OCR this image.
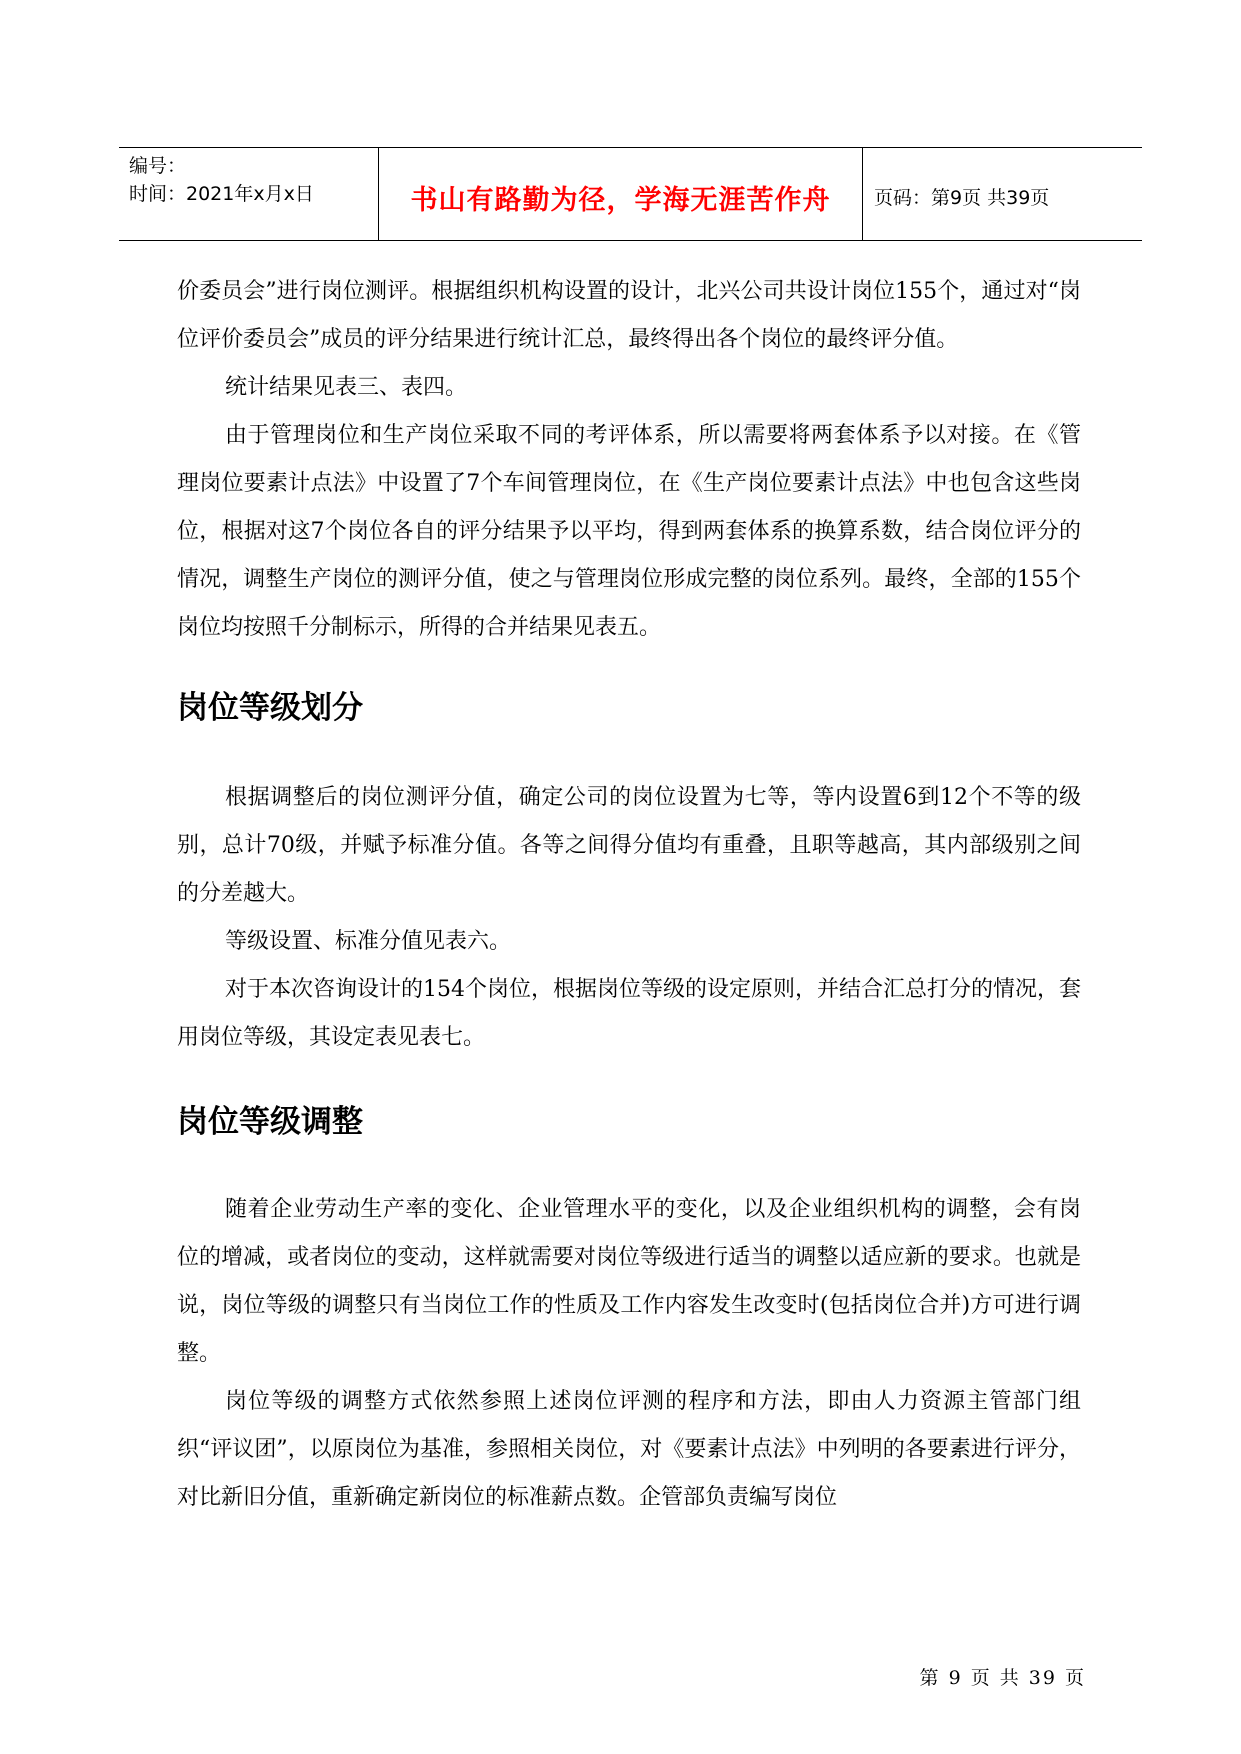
编号：
时间：2021年x月x日	书山有路勤为径，学海无涯苦作舟	页码：第9页 共39页

价委员会”进行岗位测评。根据组织机构设置的设计，北兴公司共设计岗位155个，通过对“岗位评价委员会”成员的评分结果进行统计汇总，最终得出各个岗位的最终评分值。

统计结果见表三、表四。

由于管理岗位和生产岗位采取不同的考评体系，所以需要将两套体系予以对接。在《管理岗位要素计点法》中设置了7个车间管理岗位，在《生产岗位要素计点法》中也包含这些岗位，根据对这7个岗位各自的评分结果予以平均，得到两套体系的换算系数，结合岗位评分的情况，调整生产岗位的测评分值，使之与管理岗位形成完整的岗位系列。最终，全部的155个岗位均按照千分制标示，所得的合并结果见表五。

岗位等级划分

根据调整后的岗位测评分值，确定公司的岗位设置为七等，等内设置6到12个不等的级别，总计70级，并赋予标准分值。各等之间得分值均有重叠，且职等越高，其内部级别之间的分差越大。

等级设置、标准分值见表六。

对于本次咨询设计的154个岗位，根据岗位等级的设定原则，并结合汇总打分的情况，套用岗位等级，其设定表见表七。

岗位等级调整

随着企业劳动生产率的变化、企业管理水平的变化，以及企业组织机构的调整，会有岗位的增减，或者岗位的变动，这样就需要对岗位等级进行适当的调整以适应新的要求。也就是说，岗位等级的调整只有当岗位工作的性质及工作内容发生改变时(包括岗位合并)方可进行调整。

岗位等级的调整方式依然参照上述岗位评测的程序和方法，即由人力资源主管部门组织“评议团”，以原岗位为基准，参照相关岗位，对《要素计点法》中列明的各要素进行评分，对比新旧分值，重新确定新岗位的标准薪点数。企管部负责编写岗位

第 9 页 共 39 页
